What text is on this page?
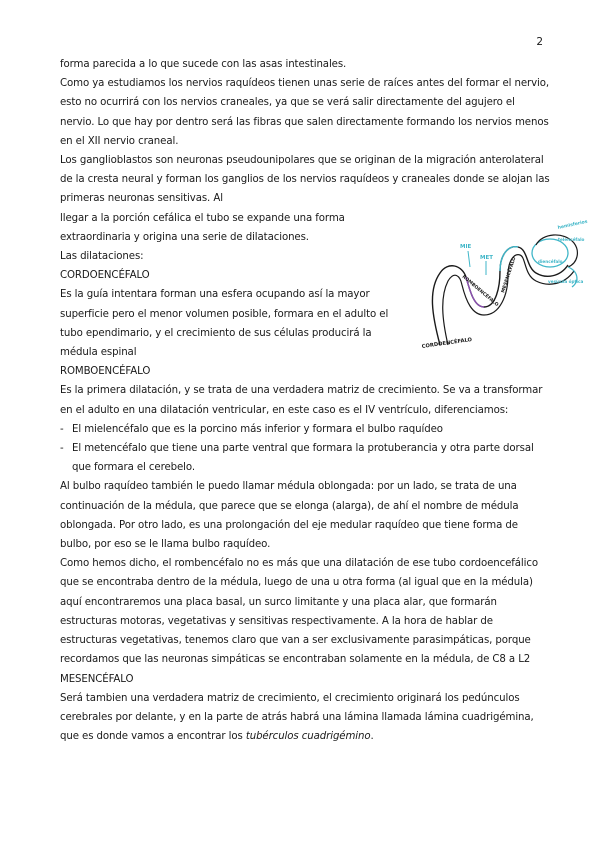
2

forma parecida a lo que sucede con las asas intestinales.

Como ya estudiamos los nervios raquídeos tienen unas serie de raíces antes del formar el nervio, esto no ocurrirá con los nervios craneales, ya que se verá salir directamente del agujero el nervio. Lo que hay por dentro será las fibras que salen directamente formando los nervios menos en el XII nervio craneal.

Los ganglioblastos son neuronas pseudounipolares que se originan de la migración anterolateral de la cresta neural y forman los ganglios de los nervios raquídeos y craneales donde se alojan las primeras neuronas sensitivas. Al

llegar a la porción cefálica el tubo se expande una forma extraordinaria y origina una serie de dilataciones.

Las dilataciones:

CORDOENCÉFALO

Es la guía intentara forman una esfera ocupando así la mayor superficie pero el menor volumen posible, formara en el adulto el tubo ependimario, y el crecimiento de sus células producirá la médula espinal

ROMBOENCÉFALO

Es la primera dilatación, y se trata de una verdadera matriz de crecimiento. Se va a transformar en el adulto en una dilatación ventricular, en este caso es el IV ventrículo, diferenciamos:

- El mielencéfalo que es la porcino más inferior y formara el bulbo raquídeo

- El metencéfalo que tiene una parte ventral que formara la protuberancia y otra parte dorsal que formara el cerebelo.

Al bulbo raquídeo también le puedo llamar médula oblongada: por un lado, se trata de una continuación de la médula, que parece que se elonga (alarga), de ahí el nombre de médula oblongada. Por otro lado, es una prolongación del eje medular raquídeo que tiene forma de bulbo, por eso se le llama bulbo raquídeo.

Como hemos dicho, el rombencéfalo no es más que una dilatación de ese tubo cordoencefálico que se encontraba dentro de la médula, luego de una u otra forma (al igual que en la médula) aquí encontraremos una placa basal, un surco limitante y una placa alar, que formarán estructuras motoras, vegetativas y sensitivas respectivamente. A la hora de hablar de estructuras vegetativas, tenemos claro que van a ser exclusivamente parasimpáticas, porque recordamos que las neuronas simpáticas se encontraban solamente en la médula, de C8 a L2

MESENCÉFALO

Será tambien una verdadera matriz de crecimiento, el crecimiento originará los pedúnculos cerebrales por delante, y en la parte de atrás habrá una lámina llamada lámina cuadrigémina, que es donde vamos a encontrar los tubérculos cuadrigémino.

MIE
MET
ROMBOENCÉFALO MESENCÉFALO
hemisferios
telencéfalo
diencéfalo
vesícula óptica
CORDOENCÉFALO
